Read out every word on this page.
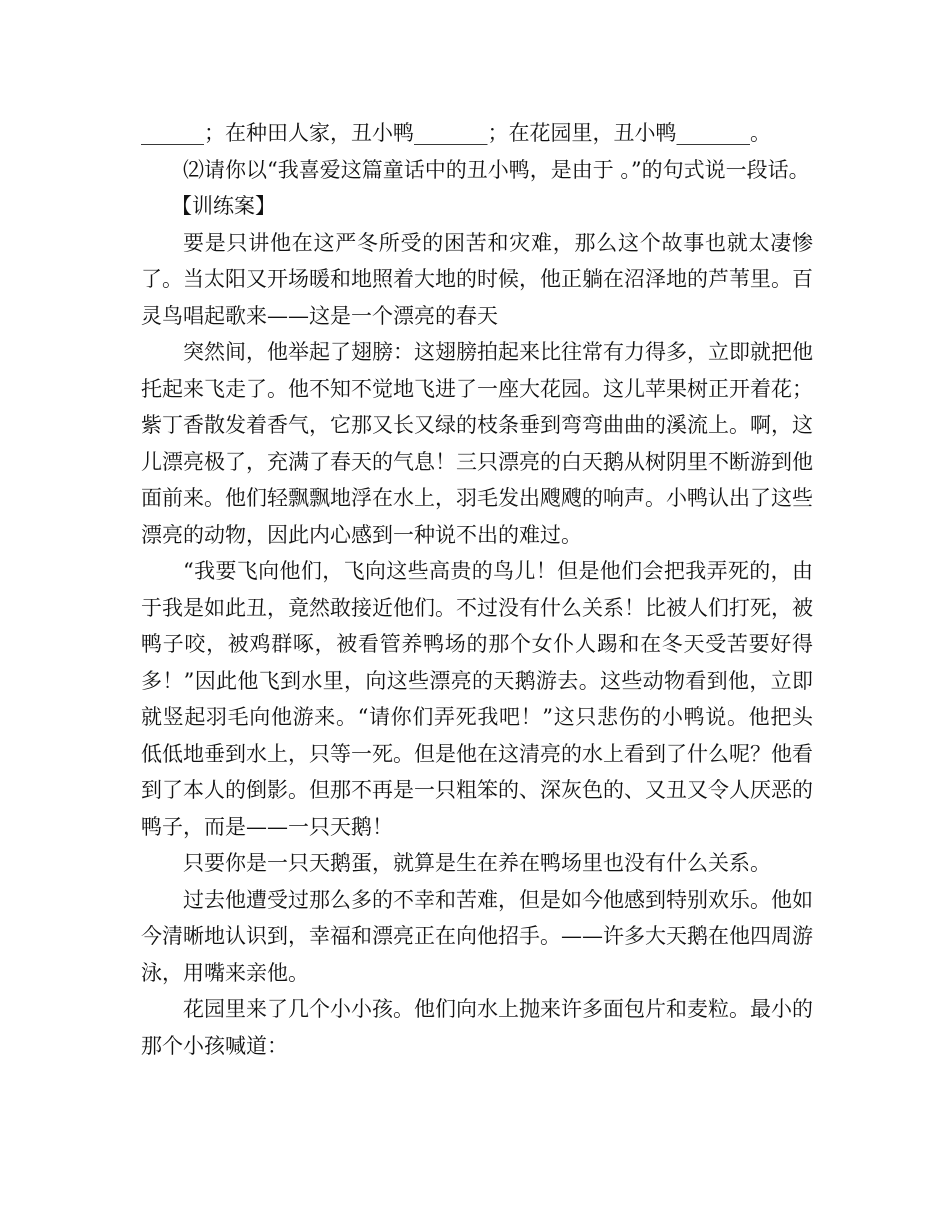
______；在种田人家，丑小鸭_______；在花园里，丑小鸭_______。

⑵请你以“我喜爱这篇童话中的丑小鸭，是由于 。”的句式说一段话。

【训练案】

要是只讲他在这严冬所受的困苦和灾难，那么这个故事也就太凄惨了。当太阳又开场暖和地照着大地的时候，他正躺在沼泽地的芦苇里。百灵鸟唱起歌来——这是一个漂亮的春天

突然间，他举起了翅膀：这翅膀拍起来比往常有力得多，立即就把他托起来飞走了。他不知不觉地飞进了一座大花园。这儿苹果树正开着花；紫丁香散发着香气，它那又长又绿的枝条垂到弯弯曲曲的溪流上。啊，这儿漂亮极了，充满了春天的气息！三只漂亮的白天鹅从树阴里不断游到他面前来。他们轻飘飘地浮在水上，羽毛发出飕飕的响声。小鸭认出了这些漂亮的动物，因此内心感到一种说不出的难过。

“我要飞向他们，飞向这些高贵的鸟儿！但是他们会把我弄死的，由于我是如此丑，竟然敢接近他们。不过没有什么关系！比被人们打死，被鸭子咬，被鸡群啄，被看管养鸭场的那个女仆人踢和在冬天受苦要好得多！”因此他飞到水里，向这些漂亮的天鹅游去。这些动物看到他，立即就竖起羽毛向他游来。“请你们弄死我吧！”这只悲伤的小鸭说。他把头低低地垂到水上，只等一死。但是他在这清亮的水上看到了什么呢？他看到了本人的倒影。但那不再是一只粗笨的、深灰色的、又丑又令人厌恶的鸭子，而是——一只天鹅！

只要你是一只天鹅蛋，就算是生在养在鸭场里也没有什么关系。

过去他遭受过那么多的不幸和苦难，但是如今他感到特别欢乐。他如今清晰地认识到，幸福和漂亮正在向他招手。——许多大天鹅在他四周游泳，用嘴来亲他。

花园里来了几个小小孩。他们向水上抛来许多面包片和麦粒。最小的那个小孩喊道：
